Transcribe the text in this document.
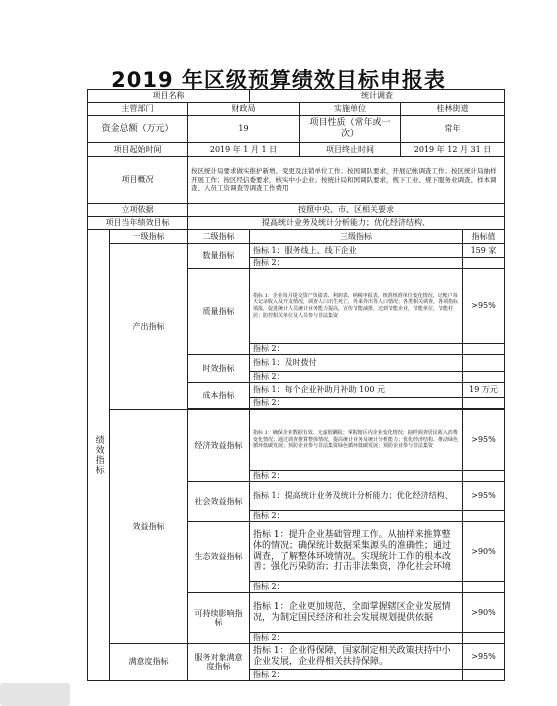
2019 年区级预算绩效目标申报表
项目名称			统计调查			
主管部门		财政局		实施单位	桂林街道	
资金总额（万元）		19		项目性质（常年或一次）	常年	
项目起始时间		2019 年 1 月 1 日		项目终止时间	2019 年 12 月 31 日	
项目概况		按区统计局要求做实推护新增、变更及注销单位工作；按国调队要求，开展记帐调查工作；按区统计局抽样开展工作；按区经信委要求，核实中小企业；按统计局和国调队要求，规下工业、规下服务业调查、样本调查、人员工资调查等调查工作费用				
立项依据		按照中央、市、区相关要求				
项目当年绩效目标		提高统计业务及统计分析能力；优化经济结构、				
绩效指标	一级指标	二级指标	三级指标			指标值
	产出指标	数量指标	指标 1：服务线上、线下企业			159 家
			指标 2：			
		质量指标	指标 1：企业每月提交资产负债表、利润表、纳税申报表，核准核准单位变化情况，记帐户每天记录收入及开支情况，调查人口出生死亡，外来外出等人口情况；各类相关调查，各项指标填报，促进统计人员统计业务能力提高，宣传节能减排，达到节能企业，节能单位，节能村居；防控相关单位及人员参与非法集资			>95%
			指标 2：			
		时效指标	指标 1：及时拨付			
			指标 2：			
		成本指标	指标 1：每个企业补助月补助 100 元			19 万元
			指标 2：			

	效益指标	经济效益指标	指标 1：确保企业数据有效、无虚假瞒报；掌握辖区内企业变化情况；抽样调查居民收入消费变化情况；通过调查推算整体情况，提高统计业务及统计分析能力；优化经济结构、推动绿色循环低碳发展；预防企业参与非法集资绿色循环低碳发展；预防企业参与非法集资			>95%
			指标 2：			
		社会效益指标	指标 1：提高统计业务及统计分析能力；优化经济结构、			>95%
			指标 2：			
		生态效益指标	指标 1：提升企业基础管理工作。从抽样来推算整体的情况；确保统计数据采集源头的准确性；通过调查，了解整体环境情况。实现统计工作的根本改善；强化污染防治；打击非法集资，净化社会环境			>90%
			指标 2：			
		可持续影响指标	指标 1：企业更加规范，全面掌握辖区企业发展情况，为制定国民经济和社会发展规划提供依据			>90%
			指标 2：			
	满意度指标	服务对象满意度指标	指标 1：企业得保障，国家制定相关政策扶持中小企业发展，企业得相关扶持保障。			>95%
			指标 2：			
